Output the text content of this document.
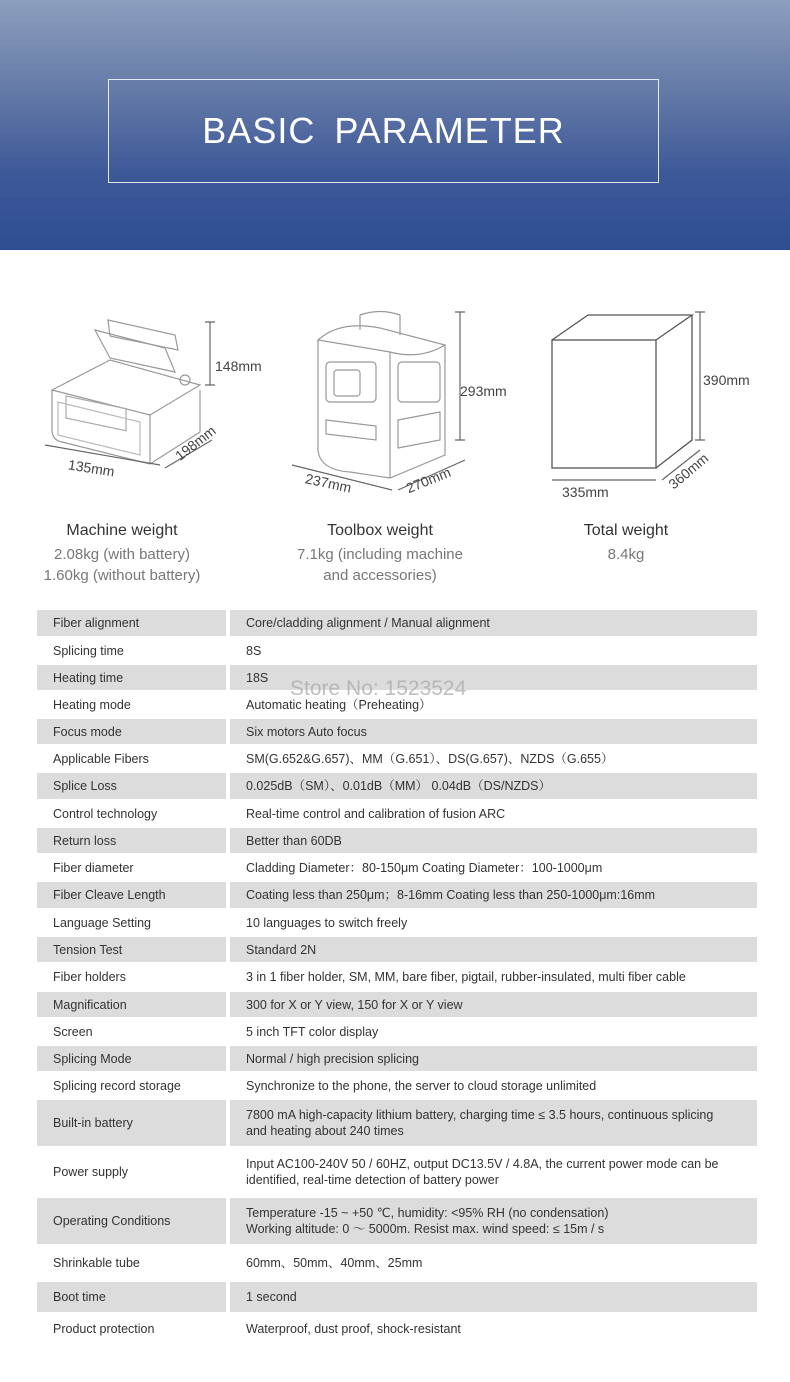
BASIC PARAMETER
148mm
135mm
198mm
293mm
237mm	270mm
390mm
335mm	360mm
Machine weight
2.08kg (with battery)
1.60kg (without battery)
Toolbox weight
7.1kg (including machine
and accessories)
Total weight
8.4kg
Fiber alignment		Core/cladding alignment / Manual alignment

Splicing time		8S

Heating time		18S

Heating mode		Automatic heating（Preheating）

Focus mode		Six motors Auto focus

Applicable Fibers		SM(G.652&G.657)、MM（G.651）、DS(G.657)、NZDS（G.655）

Splice Loss		0.025dB（SM）、0.01dB（MM） 0.04dB（DS/NZDS）

Control technology		Real-time control and calibration of fusion ARC

Return loss		Better than 60DB

Fiber diameter		Cladding Diameter：80-150μm Coating Diameter：100-1000μm

Fiber Cleave Length		Coating less than 250μm；8-16mm Coating less than 250-1000μm:16mm

Language Setting		10 languages to switch freely

Tension Test		Standard 2N

Fiber holders		3 in 1 fiber holder, SM, MM, bare fiber, pigtail, rubber-insulated, multi fiber cable

Magnification		300 for X or Y view, 150 for X or Y view

Screen		5 inch TFT color display

Splicing Mode		Normal / high precision splicing

Splicing record storage		Synchronize to the phone, the server to cloud storage unlimited

Built-in battery		7800 mA high-capacity lithium battery, charging time ≤ 3.5 hours, continuous splicing
and heating about 240 times

Power supply		Input AC100-240V 50 / 60HZ, output DC13.5V / 4.8A, the current power mode can be
identified, real-time detection of battery power

Operating Conditions		Temperature -15 ~ +50 ℃, humidity: <95% RH (no condensation)
Working altitude: 0 ～ 5000m. Resist max. wind speed: ≤ 15m / s

Shrinkable tube		60mm、50mm、40mm、25mm

Boot time		1 second

Product protection		Waterproof, dust proof, shock-resistant
Store No: 1523524
